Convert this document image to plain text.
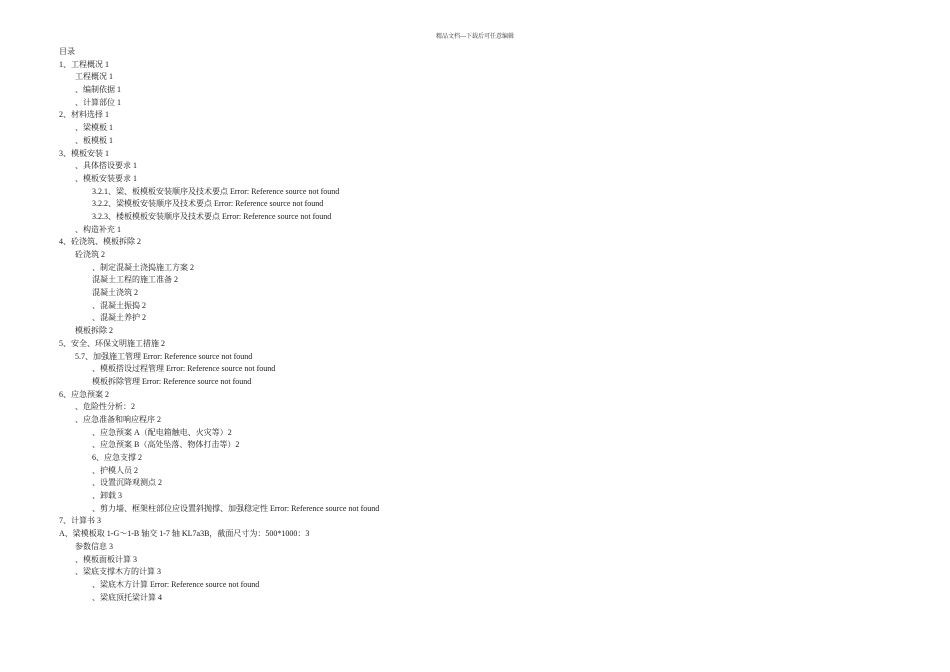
精品文档---下载后可任意编辑
目录
1、工程概况 1
工程概况 1
、编制依据 1
、计算部位 1
2、材料选择 1
、梁模板 1
、板模板 1
3、模板安装 1
、具体搭设要求 1
、模板安装要求 1
3.2.1、梁、板模板安装顺序及技术要点 Error: Reference source not found
3.2.2、梁模板安装顺序及技术要点 Error: Reference source not found
3.2.3、楼板模板安装顺序及技术要点 Error: Reference source not found
、构造补充 1
4、砼浇筑、模板拆除 2
砼浇筑 2
、制定混凝土浇捣施工方案 2
混凝土工程的施工准备 2
混凝土浇筑 2
、混凝土振捣 2
、混凝土养护 2
模板拆除 2
5、安全、环保文明施工措施 2
5.7、加强施工管理 Error: Reference source not found
、模板搭设过程管理 Error: Reference source not found
模板拆除管理 Error: Reference source not found
6、应急预案 2
、危险性分析：2
、应急准备和响应程序 2
、应急预案 A（配电箱触电、火灾等）2
、应急预案 B（高处坠落、物体打击等）2
6、应急支撑 2
、护模人员 2
、设置沉降观测点 2
、卸载 3
、剪力墙、框架柱部位应设置斜抛撑、加强稳定性 Error: Reference source not found
7、计算书 3
A、梁模板取 1-G～1-B 轴交 1-7 轴 KL7a3B，截面尺寸为：500*1000：3
参数信息 3
、模板面板计算 3
、梁底支撑木方的计算 3
、梁底木方计算 Error: Reference source not found
、梁底顶托梁计算 4
